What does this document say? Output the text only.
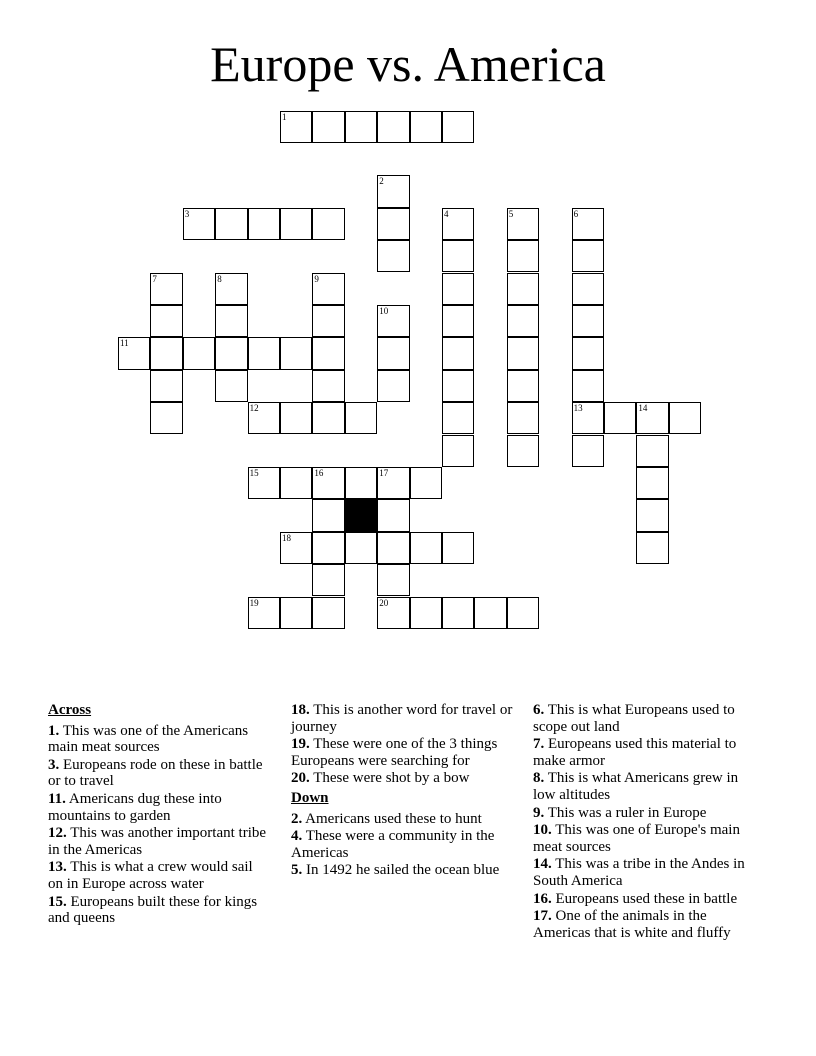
Europe vs. America
1
2
3	4	5	6
7	8	9
10
11
12	13	14
15	16	17
18
19	20
Across
1. This was one of the Americans main meat sources
3. Europeans rode on these in battle or to travel
11. Americans dug these into mountains to garden
12. This was another important tribe in the Americas
13. This is what a crew would sail on in Europe across water
15. Europeans built these for kings and queens
18. This is another word for travel or journey
19. These were one of the 3 things Europeans were searching for
20. These were shot by a bow
Down
2. Americans used these to hunt
4. These were a community in the Americas
5. In 1492 he sailed the ocean blue
6. This is what Europeans used to scope out land
7. Europeans used this material to make armor
8. This is what Americans grew in low altitudes
9. This was a ruler in Europe
10. This was one of Europe's main meat sources
14. This was a tribe in the Andes in South America
16. Europeans used these in battle
17. One of the animals in the Americas that is white and fluffy
